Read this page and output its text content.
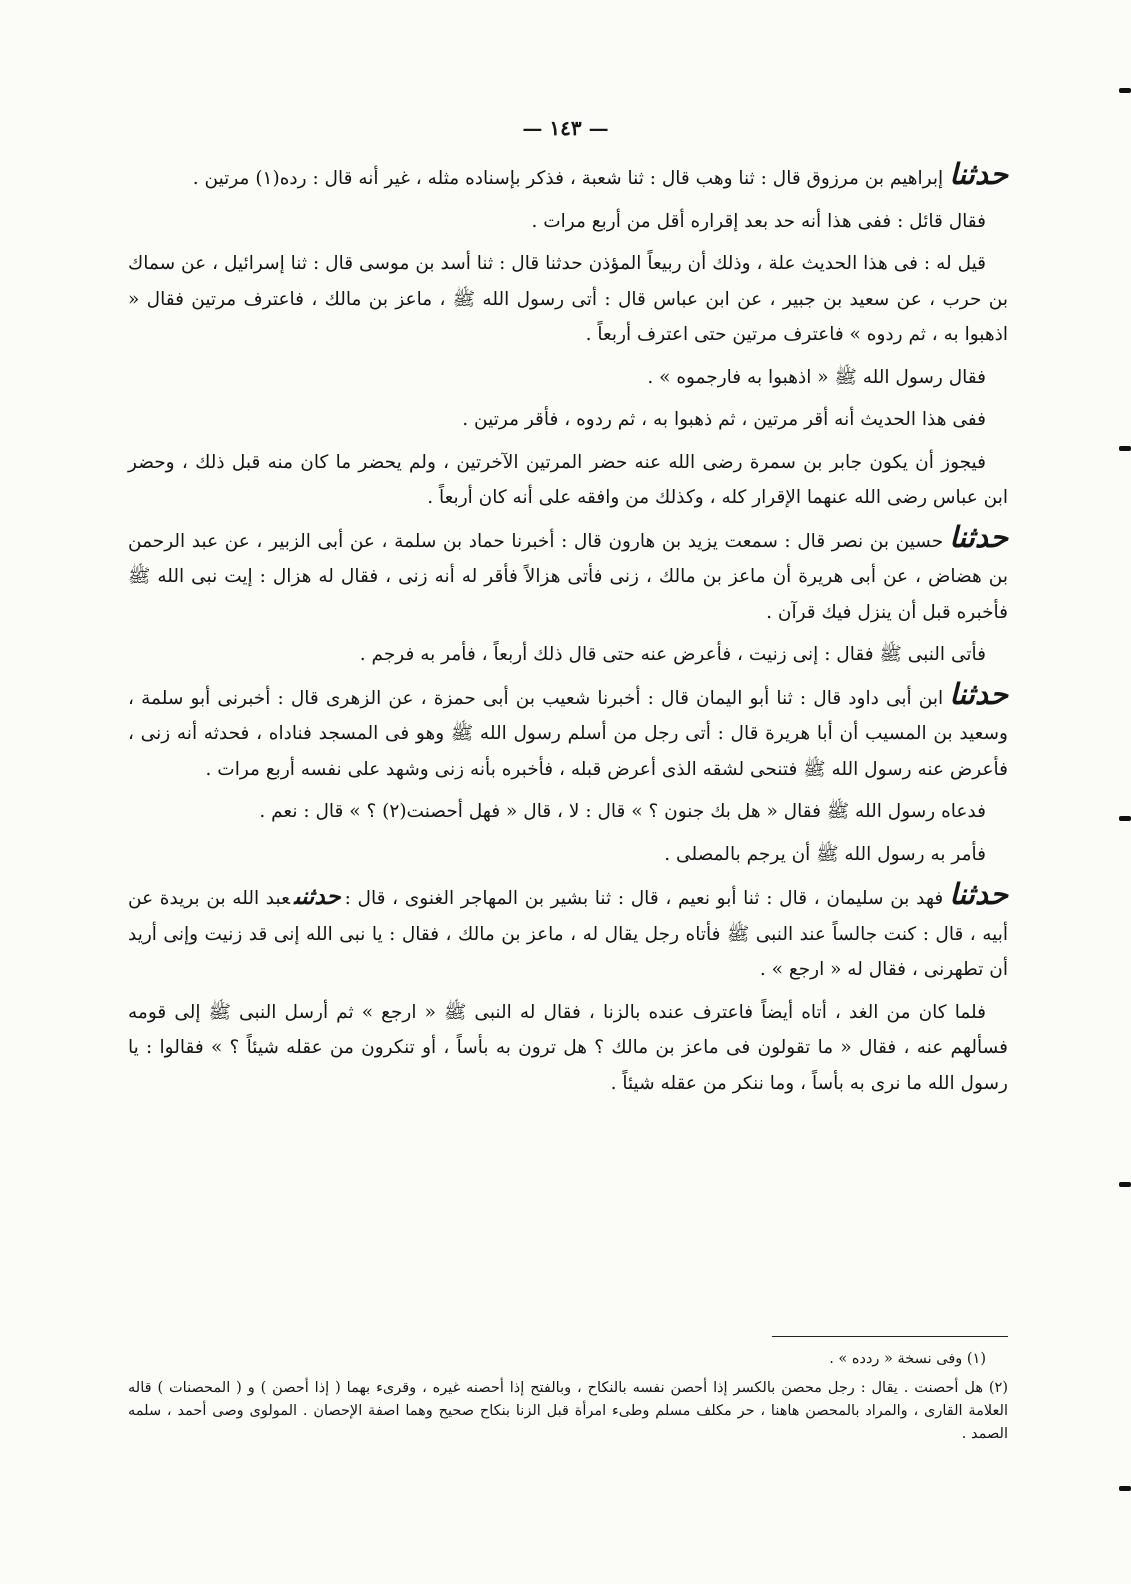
— ١٤٣ —

حدثناإبراهيم بن مرزوق قال : ثنا وهب قال : ثنا شعبة ، فذكر بإسناده مثله ، غير أنه قال : رده(١) مرتين .

فقال قائل : ففى هذا أنه حد بعد إقراره أقل من أربع مرات .

قيل له : فى هذا الحديث علة ، وذلك أن ربيعاً المؤذن حدثنا قال : ثنا أسد بن موسى قال : ثنا إسرائيل ، عن سماك بن حرب ، عن سعيد بن جبير ، عن ابن عباس قال : أتى رسول الله ﷺ ، ماعز بن مالك ، فاعترف مرتين فقال « اذهبوا به ، ثم ردوه » فاعترف مرتين حتى اعترف أربعاً .

فقال رسول الله ﷺ « اذهبوا به فارجموه » .

ففى هذا الحديث أنه أقر مرتين ، ثم ذهبوا به ، ثم ردوه ، فأقر مرتين .

فيجوز أن يكون جابر بن سمرة رضى الله عنه حضر المرتين الآخرتين ، ولم يحضر ما كان منه قبل ذلك ، وحضر ابن عباس رضى الله عنهما الإقرار كله ، وكذلك من وافقه على أنه كان أربعاً .

حدثناحسين بن نصر قال : سمعت يزيد بن هارون قال : أخبرنا حماد بن سلمة ، عن أبى الزبير ، عن عبد الرحمن بن هضاض ، عن أبى هريرة أن ماعز بن مالك ، زنى فأتى هزالاً فأقر له أنه زنى ، فقال له هزال : إيت نبى الله ﷺ فأخبره قبل أن ينزل فيك قرآن .

فأتى النبى ﷺ فقال : إنى زنيت ، فأعرض عنه حتى قال ذلك أربعاً ، فأمر به فرجم .

حدثناابن أبى داود قال : ثنا أبو اليمان قال : أخبرنا شعيب بن أبى حمزة ، عن الزهرى قال : أخبرنى أبو سلمة ، وسعيد بن المسيب أن أبا هريرة قال : أتى رجل من أسلم رسول الله ﷺ وهو فى المسجد فناداه ، فحدثه أنه زنى ، فأعرض عنه رسول الله ﷺ فتنحى لشقه الذى أعرض قبله ، فأخبره بأنه زنى وشهد على نفسه أربع مرات .

فدعاه رسول الله ﷺ فقال « هل بك جنون ؟ » قال : لا ، قال « فهل أحصنت(٢) ؟ » قال : نعم .

فأمر به رسول الله ﷺ أن يرجم بالمصلى .

حدثنافهد بن سليمان ، قال : ثنا أبو نعيم ، قال : ثنا بشير بن المهاجر الغنوى ، قال :حدثنىعبد الله بن بريدة عن أبيه ، قال : كنت جالساً عند النبى ﷺ فأتاه رجل يقال له ، ماعز بن مالك ، فقال : يا نبى الله إنى قد زنيت وإنى أريد أن تطهرنى ، فقال له « ارجع » .

فلما كان من الغد ، أتاه أيضاً فاعترف عنده بالزنا ، فقال له النبى ﷺ « ارجع » ثم أرسل النبى ﷺ إلى قومه فسألهم عنه ، فقال « ما تقولون فى ماعز بن مالك ؟ هل ترون به بأساً ، أو تنكرون من عقله شيئاً ؟ » فقالوا : يا رسول الله ما نرى به بأساً ، وما ننكر من عقله شيئاً .

(١) وفى نسخة « ردده » .

(٢) هل أحصنت . يقال : رجل محصن بالكسر إذا أحصن نفسه بالنكاح ، وبالفتح إذا أحصنه غيره ، وقرىء بهما ( إذا أحصن ) و ( المحصنات ) قاله العلامة القارى ، والمراد بالمحصن هاهنا ، حر مكلف مسلم وطىء امرأة قبل الزنا بنكاح صحيح وهما اصفة الإحصان . المولوى وصى أحمد ، سلمه الصمد .
